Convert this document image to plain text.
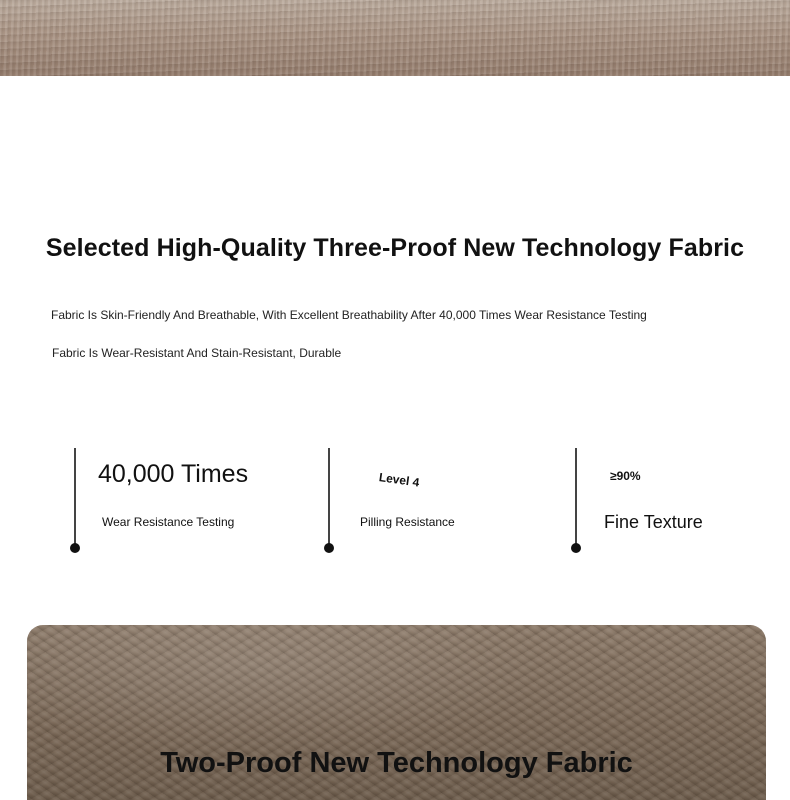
Selected High-Quality Three-Proof New Technology Fabric

Fabric Is Skin-Friendly And Breathable, With Excellent Breathability After 40,000 Times Wear Resistance Testing

Fabric Is Wear-Resistant And Stain-Resistant, Durable

40,000 Times
Wear Resistance Testing
Level 4
Pilling Resistance
≥90%
Fine Texture
Two-Proof New Technology Fabric
